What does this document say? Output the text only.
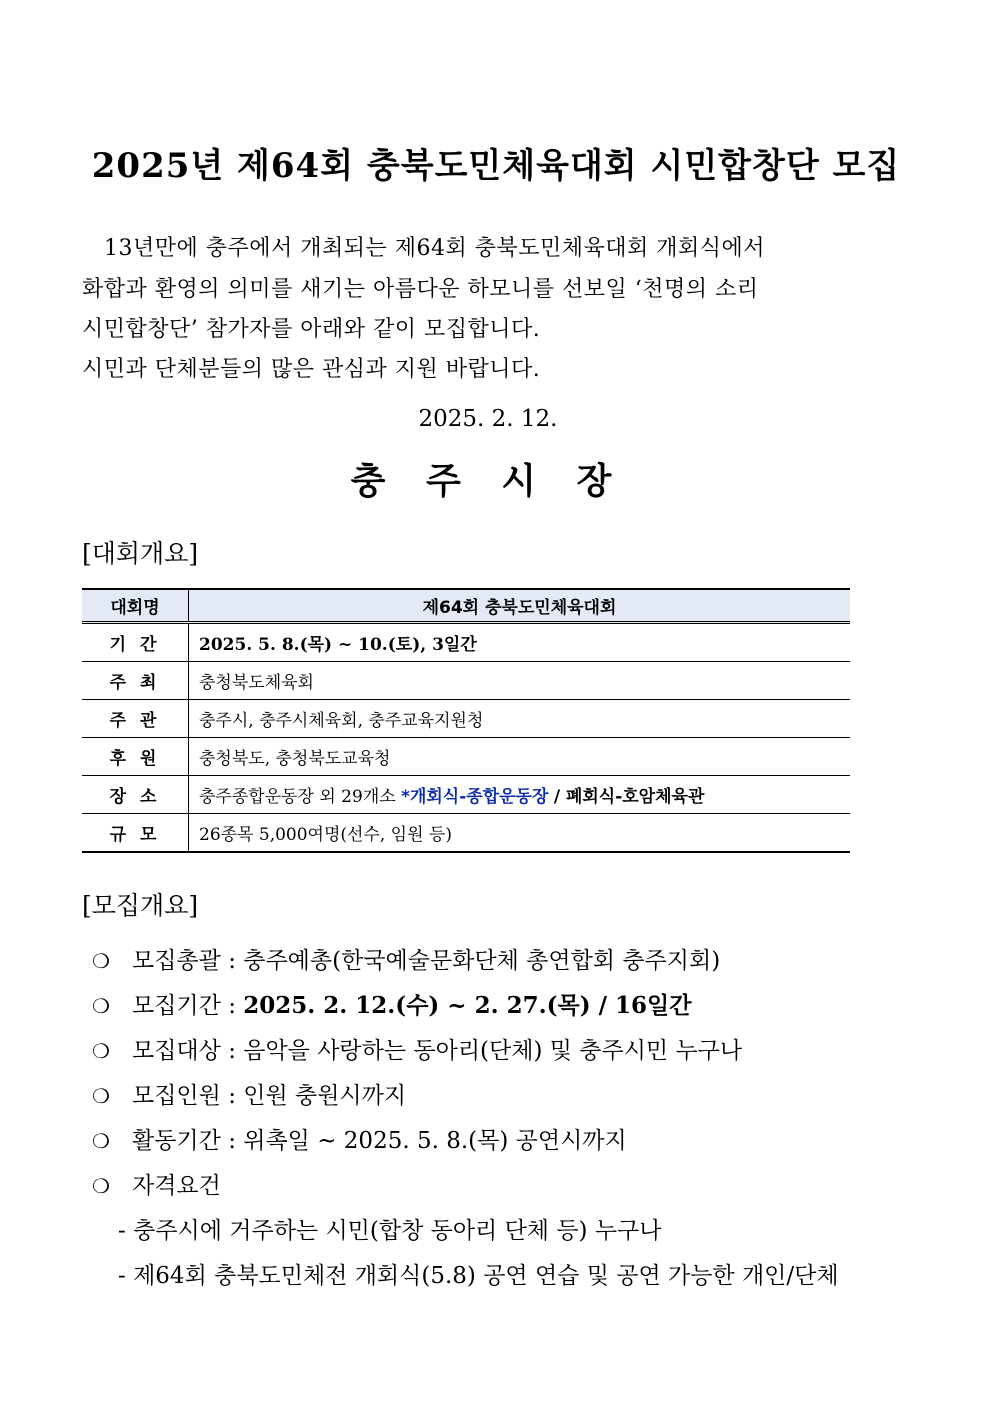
2025년 제64회 충북도민체육대회 시민합창단 모집
13년만에 충주에서 개최되는 제64회 충북도민체육대회 개회식에서
화합과 환영의 의미를 새기는 아름다운 하모니를 선보일 ‘천명의 소리
시민합창단’ 참가자를 아래와 같이 모집합니다.
시민과 단체분들의 많은 관심과 지원 바랍니다.
2025. 2. 12.
충 주 시 장
[대회개요]
대회명	제64회 충북도민체육대회
기 간	2025. 5. 8.(목) ~ 10.(토), 3일간
주 최	충청북도체육회
주 관	충주시, 충주시체육회, 충주교육지원청
후 원	충청북도, 충청북도교육청
장 소	충주종합운동장 외 29개소 *개회식-종합운동장 / 폐회식-호암체육관
규 모	26종목 5,000여명(선수, 임원 등)
[모집개요]
❍ 모집총괄 : 충주예총(한국예술문화단체 총연합회 충주지회)
❍ 모집기간 : 2025. 2. 12.(수) ~ 2. 27.(목) / 16일간
❍ 모집대상 : 음악을 사랑하는 동아리(단체) 및 충주시민 누구나
❍ 모집인원 : 인원 충원시까지
❍ 활동기간 : 위촉일 ~ 2025. 5. 8.(목) 공연시까지
❍ 자격요건
- 충주시에 거주하는 시민(합창 동아리 단체 등) 누구나
- 제64회 충북도민체전 개회식(5.8) 공연 연습 및 공연 가능한 개인/단체
